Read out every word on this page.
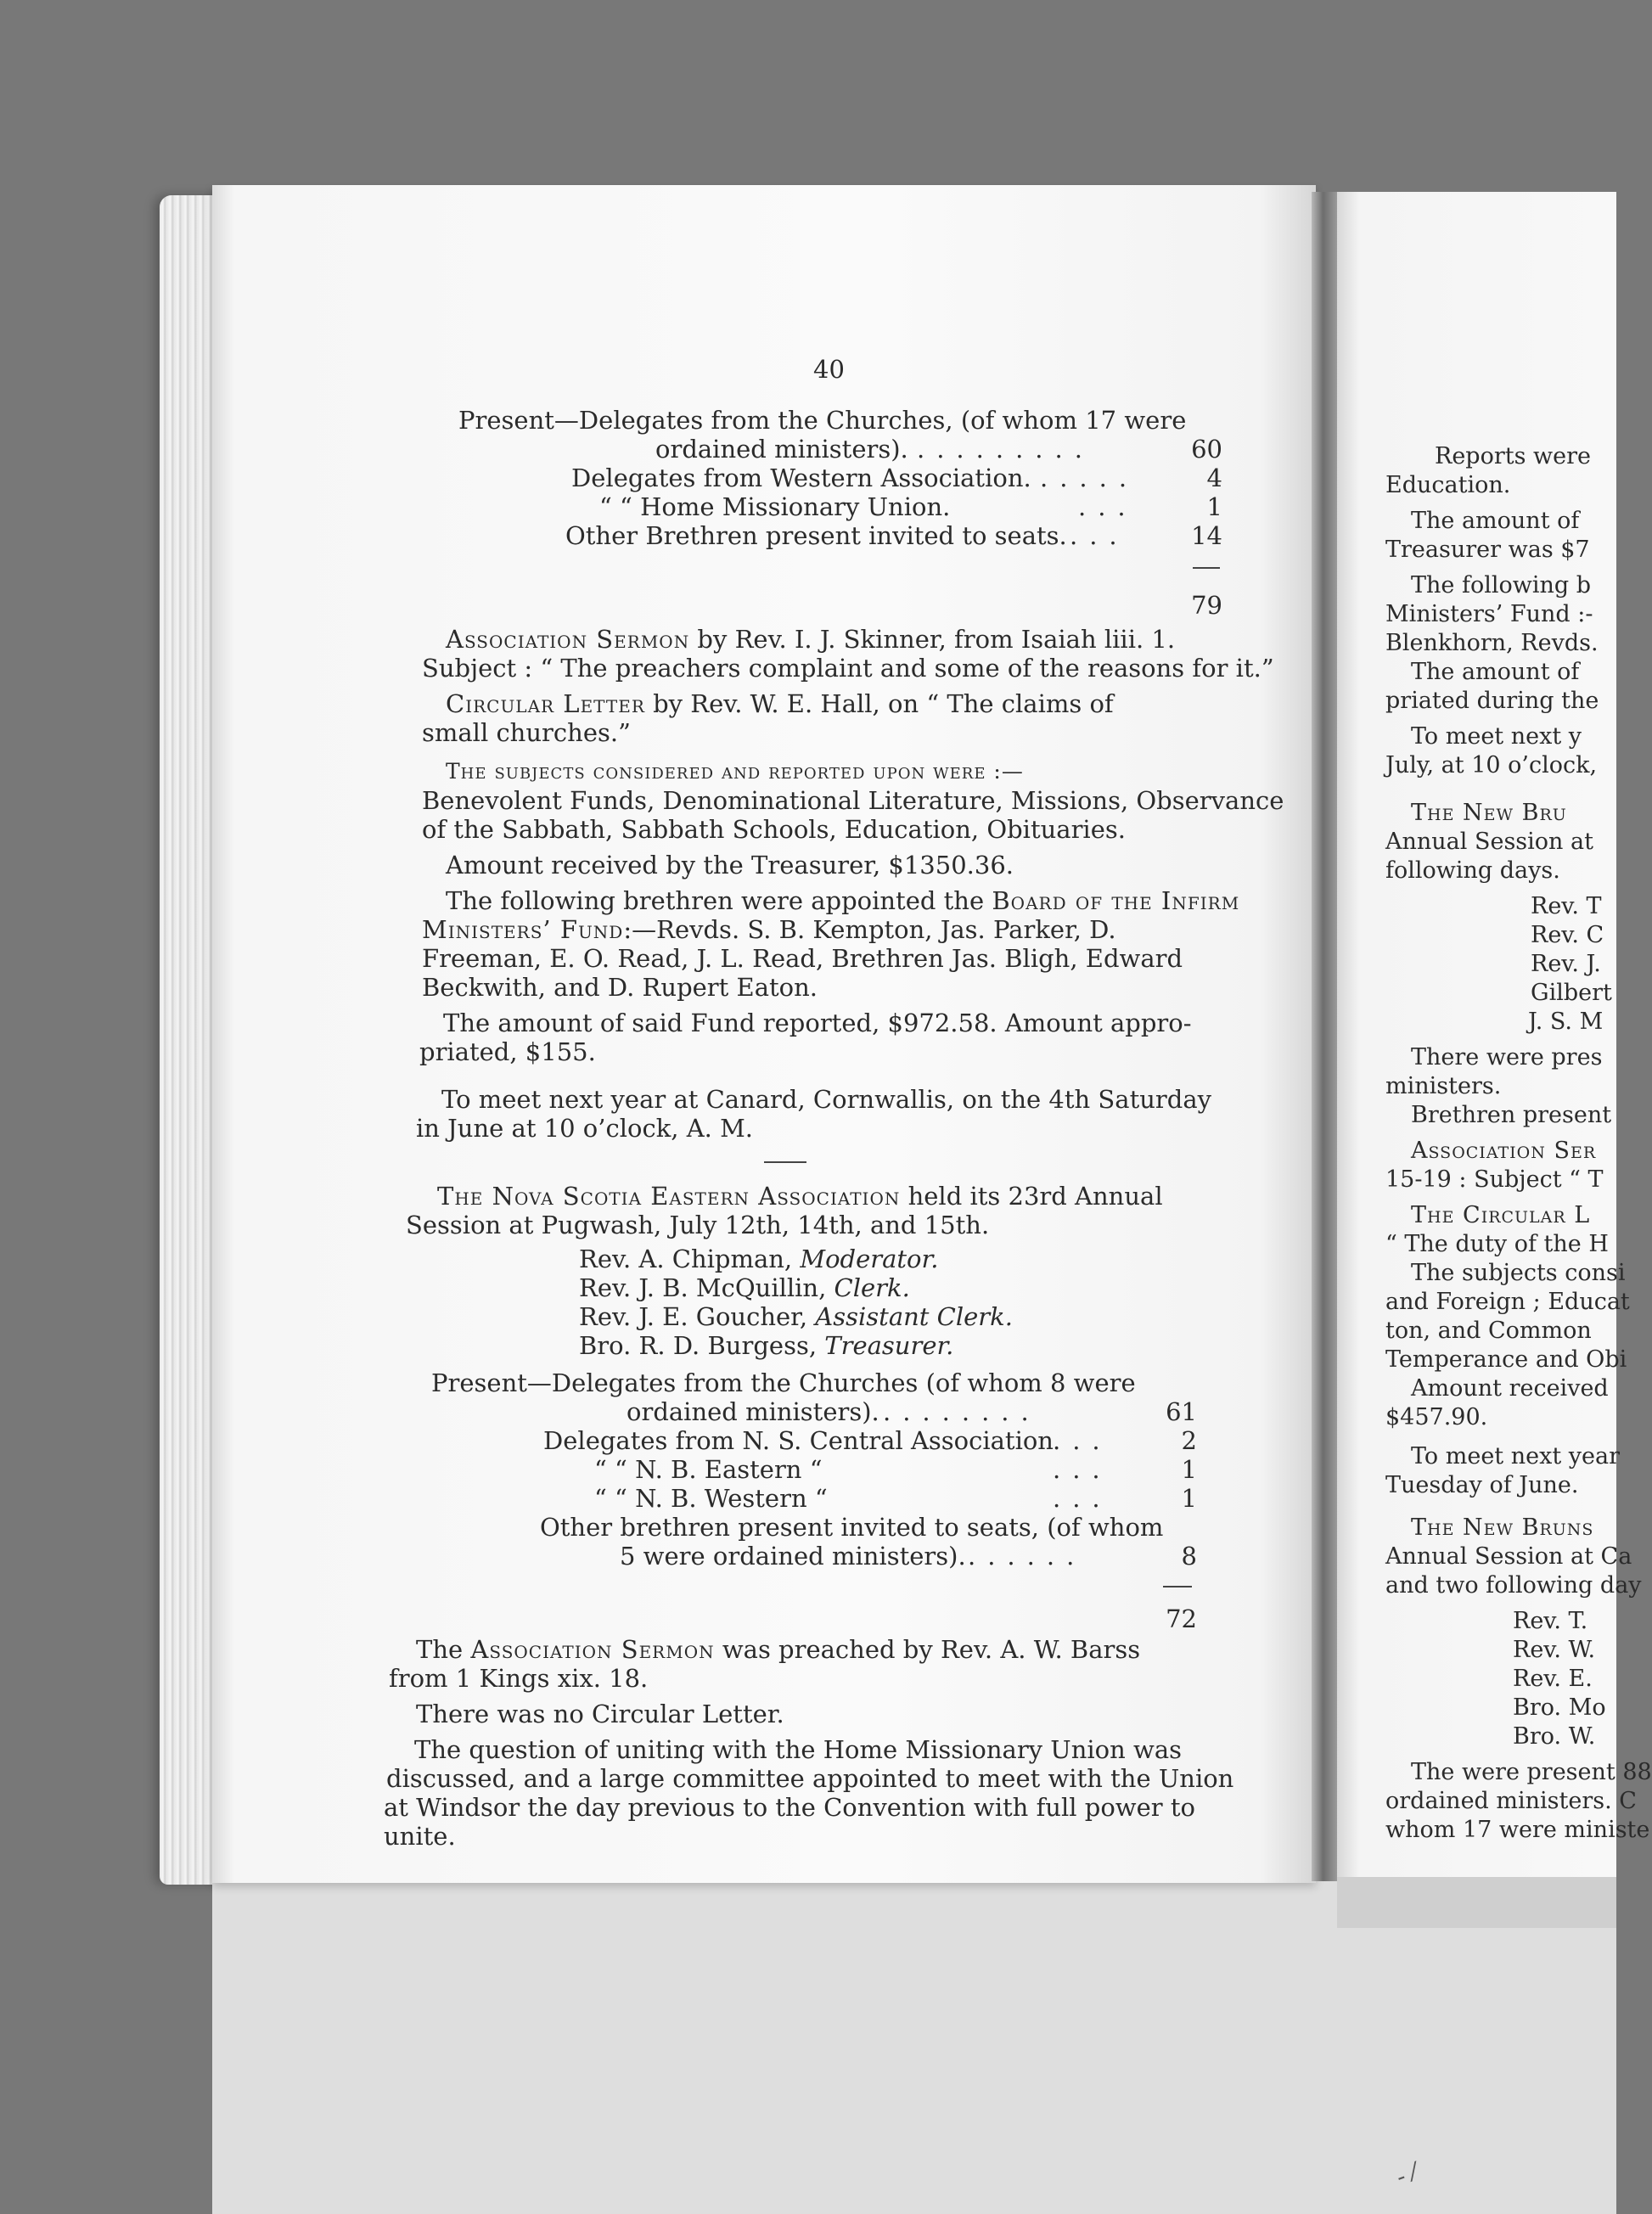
40
Present—Delegates from the Churches, (of whom 17 were
ordained ministers). .........	60
Delegates from Western Association. .....	4
“ “ Home Missionary Union.	...	1
Other Brethren present invited to seats. ...	14
79
Association Sermon by Rev. I. J. Skinner, from Isaiah liii. 1.
Subject : “ The preachers complaint and some of the reasons for it.”
Circular Letter by Rev. W. E. Hall, on “ The claims of
small churches.”
The subjects considered and reported upon were :—
Benevolent Funds, Denominational Literature, Missions, Observance
of the Sabbath, Sabbath Schools, Education, Obituaries.
Amount received by the Treasurer, $1350.36.
The following brethren were appointed the Board of the Infirm
Ministers’ Fund:—Revds. S. B. Kempton, Jas. Parker, D.
Freeman, E. O. Read, J. L. Read, Brethren Jas. Bligh, Edward
Beckwith, and D. Rupert Eaton.
The amount of said Fund reported, $972.58. Amount appro-
priated, $155.
To meet next year at Canard, Cornwallis, on the 4th Saturday
in June at 10 o’clock, A. M.
The Nova Scotia Eastern Association held its 23rd Annual
Session at Pugwash, July 12th, 14th, and 15th.
Rev. A. Chipman, Moderator.
Rev. J. B. McQuillin, Clerk.
Rev. J. E. Goucher, Assistant Clerk.
Bro. R. D. Burgess, Treasurer.
Present—Delegates from the Churches (of whom 8 were
ordained ministers). ........	61
Delegates from N. S. Central Association ...	2
“ “ N. B. Eastern “	...	1
“ “ N. B. Western “	...	1
Other brethren present invited to seats, (of whom
5 were ordained ministers). ......	8
72
The Association Sermon was preached by Rev. A. W. Barss
from 1 Kings xix. 18.
There was no Circular Letter.
The question of uniting with the Home Missionary Union was
discussed, and a large committee appointed to meet with the Union
at Windsor the day previous to the Convention with full power to
unite.
Reports were
Education.
The amount of
Treasurer was $7
The following b
Ministers’ Fund :-
Blenkhorn, Revds.
The amount of
priated during the
To meet next y
July, at 10 o’clock,
The New Bru
Annual Session at
following days.
Rev. T
Rev. C
Rev. J.
Gilbert
J. S. M
There were pres
ministers.
Brethren present
Association Ser
15-19 : Subject “ T
The Circular L
“ The duty of the H
The subjects consi
and Foreign ; Educat
ton, and Common
Temperance and Obi
Amount received
$457.90.
To meet next year
Tuesday of June.
The New Bruns
Annual Session at Ca
and two following day
Rev. T.
Rev. W.
Rev. E.
Bro. Mo
Bro. W.
The were present 88
ordained ministers. C
whom 17 were ministe
- ⁄
